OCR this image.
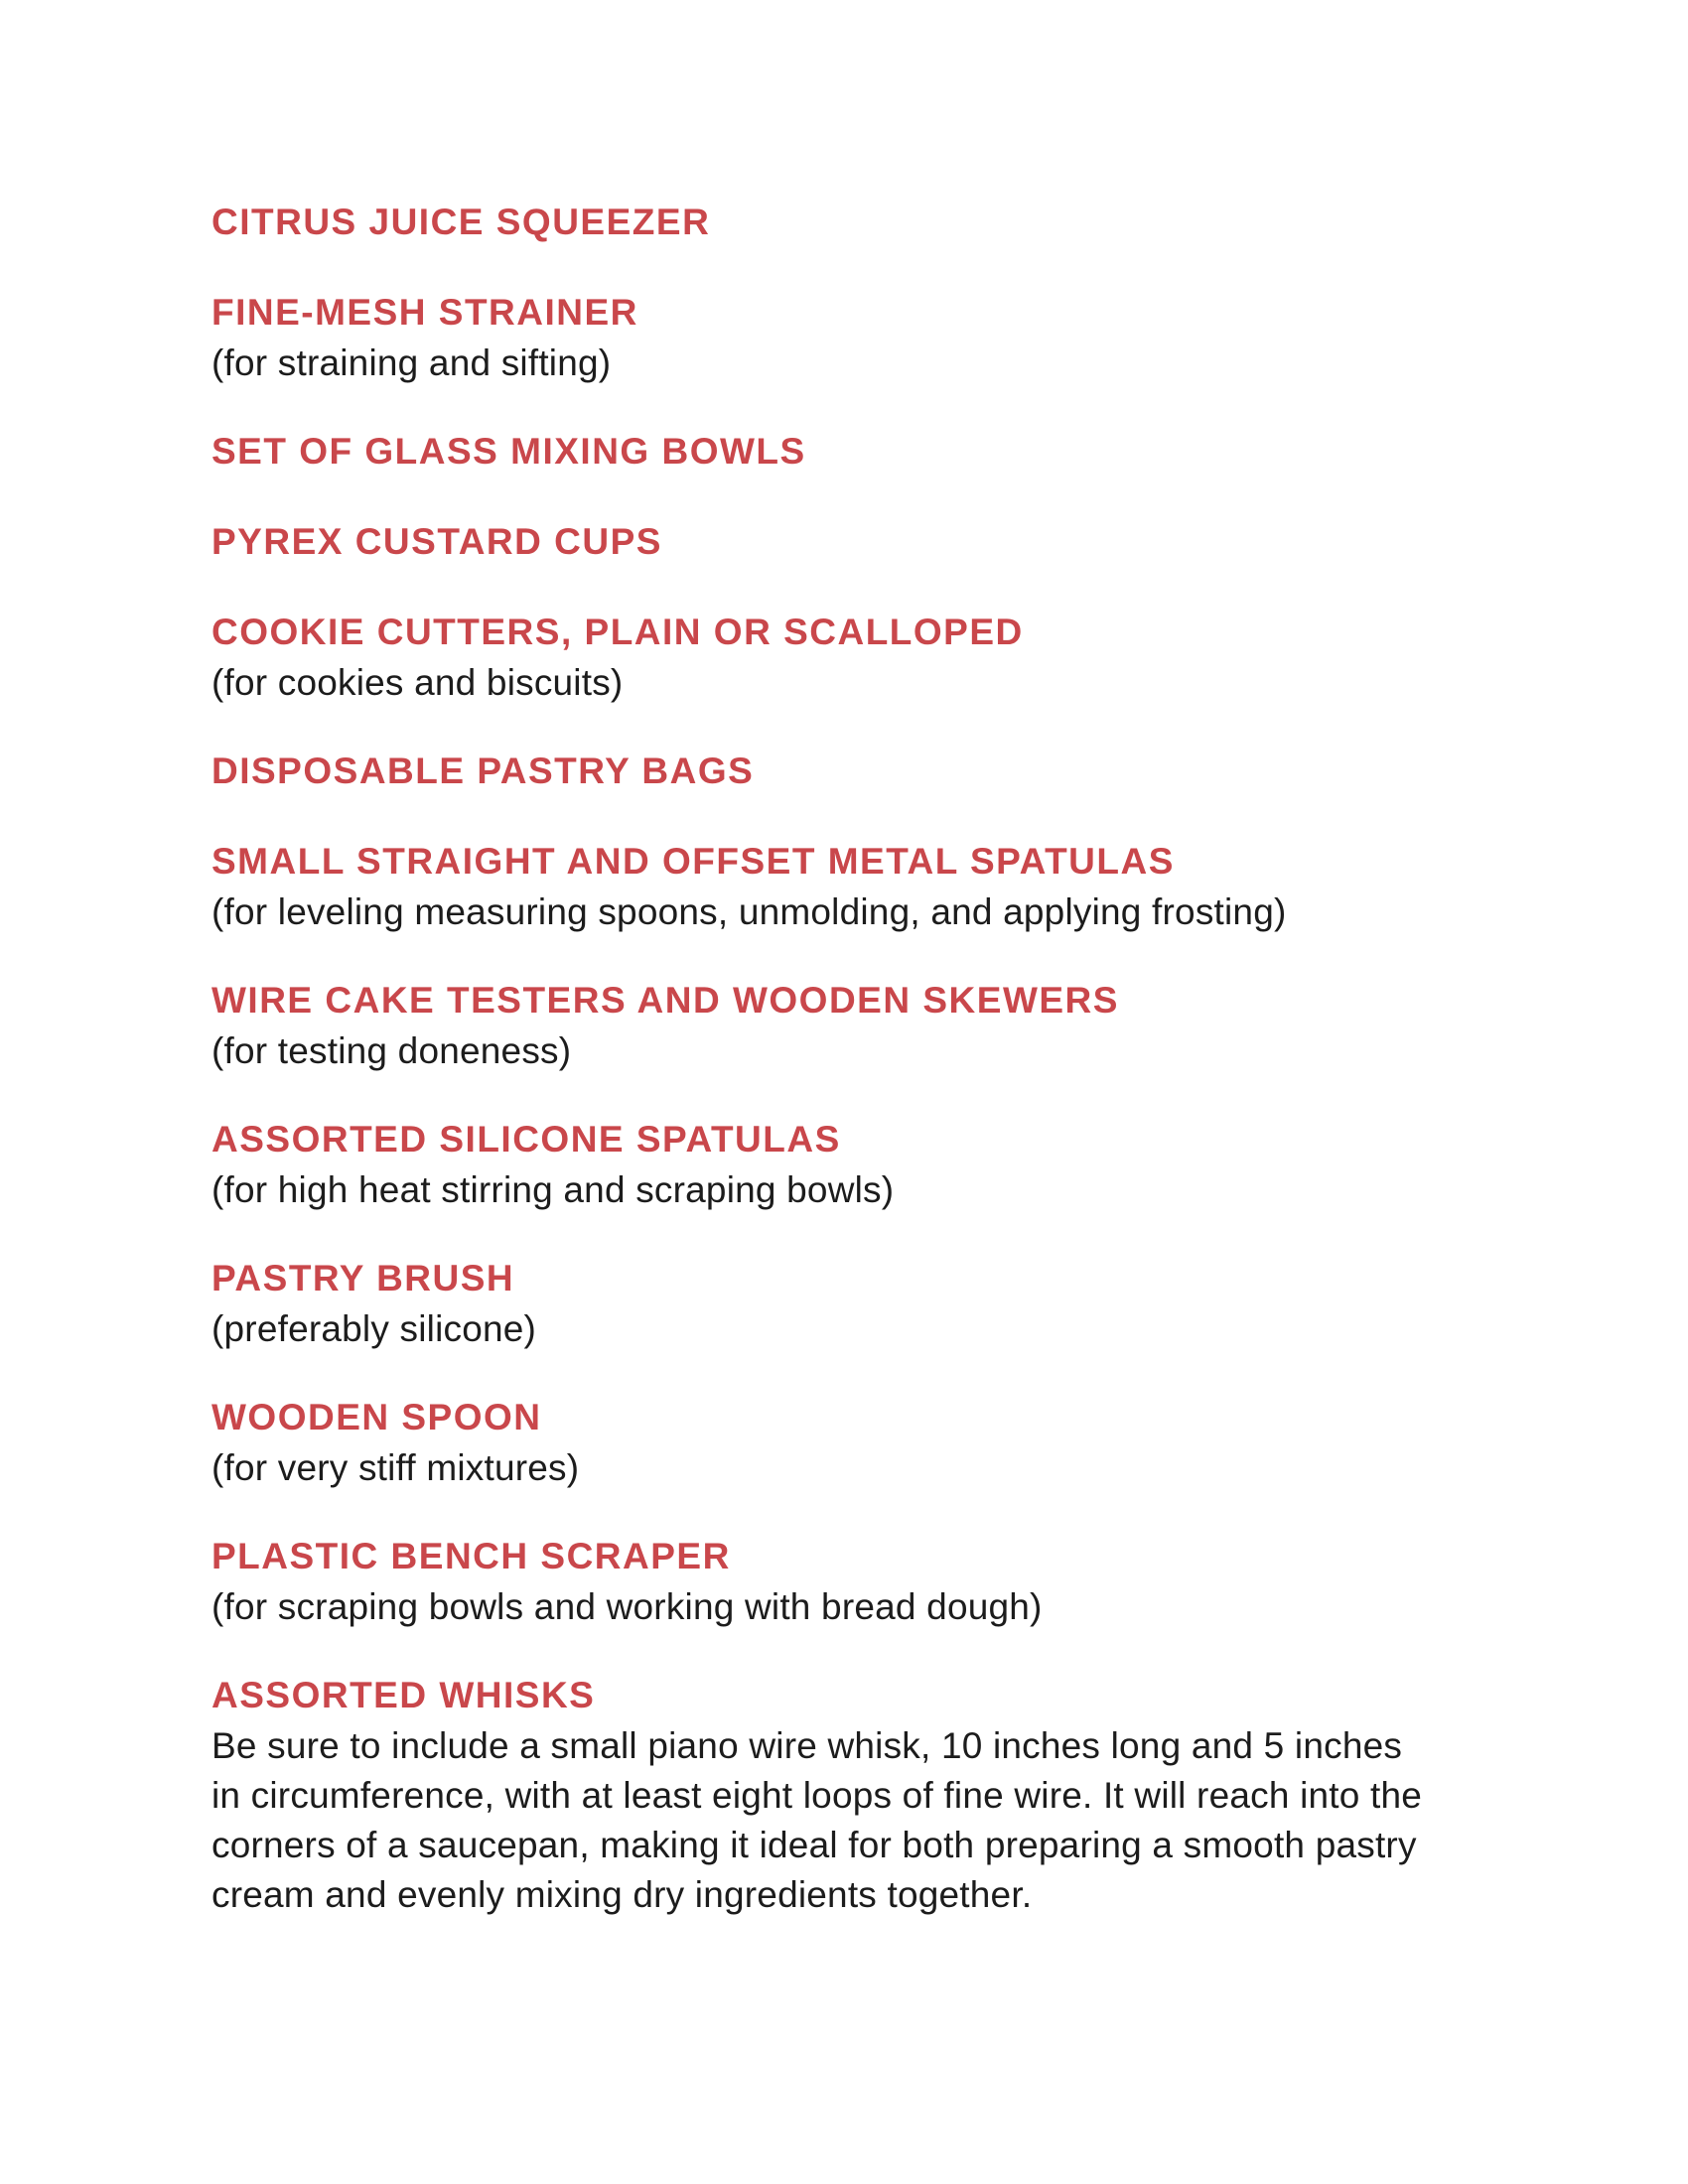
CITRUS JUICE SQUEEZER

FINE-MESH STRAINER

(for straining and sifting)

SET OF GLASS MIXING BOWLS

PYREX CUSTARD CUPS

COOKIE CUTTERS, PLAIN OR SCALLOPED

(for cookies and biscuits)

DISPOSABLE PASTRY BAGS

SMALL STRAIGHT AND OFFSET METAL SPATULAS

(for leveling measuring spoons, unmolding, and applying frosting)

WIRE CAKE TESTERS AND WOODEN SKEWERS

(for testing doneness)

ASSORTED SILICONE SPATULAS

(for high heat stirring and scraping bowls)

PASTRY BRUSH

(preferably silicone)

WOODEN SPOON

(for very stiff mixtures)

PLASTIC BENCH SCRAPER

(for scraping bowls and working with bread dough)

ASSORTED WHISKS

Be sure to include a small piano wire whisk, 10 inches long and 5 inches in circumference, with at least eight loops of fine wire. It will reach into the corners of a saucepan, making it ideal for both preparing a smooth pastry cream and evenly mixing dry ingredients together.
